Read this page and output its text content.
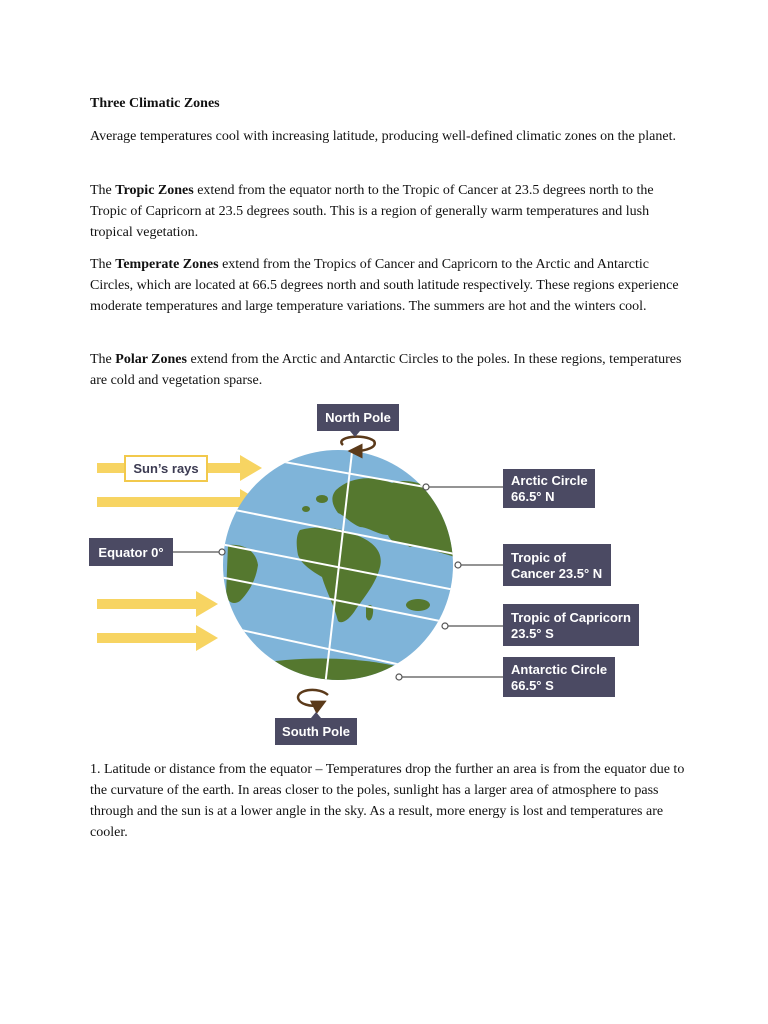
Three Climatic Zones

Average temperatures cool with increasing latitude, producing well-defined climatic zones on the planet.

The Tropic Zones extend from the equator north to the Tropic of Cancer at 23.5 degrees north to the Tropic of Capricorn at 23.5 degrees south. This is a region of generally warm temperatures and lush tropical vegetation.

The Temperate Zones extend from the Tropics of Cancer and Capricorn to the Arctic and Antarctic Circles, which are located at 66.5 degrees north and south latitude respectively. These regions experience moderate temperatures and large temperature variations. The summers are hot and the winters cool.

The Polar Zones extend from the Arctic and Antarctic Circles to the poles. In these regions, temperatures are cold and vegetation sparse.

Sun’s rays
North Pole
South Pole
Equator 0°
Arctic Circle
66.5° N
Tropic of
Cancer 23.5° N
Tropic of Capricorn
23.5° S
Antarctic Circle
66.5° S

1. Latitude or distance from the equator – Temperatures drop the further an area is from the equator due to the curvature of the earth. In areas closer to the poles, sunlight has a larger area of atmosphere to pass through and the sun is at a lower angle in the sky. As a result, more energy is lost and temperatures are cooler.
